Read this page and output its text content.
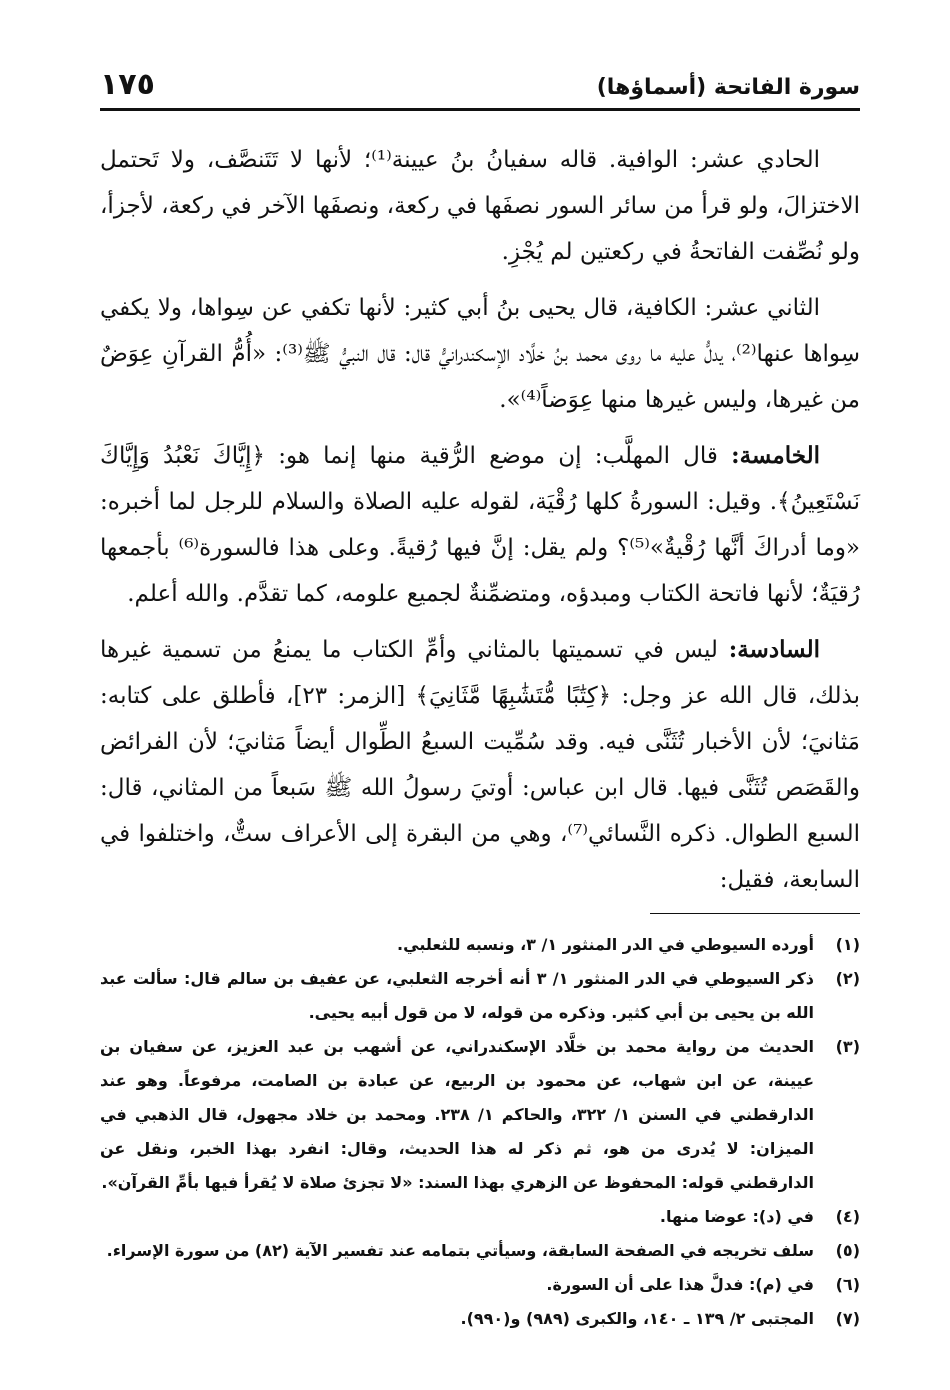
سورة الفاتحة (أسماؤها)
١٧٥

الحادي عشر: الوافية. قاله سفيانُ بنُ عيينة⁽¹⁾؛ لأنها لا تَتَنصَّف، ولا تَحتمل الاختزالَ، ولو قرأ من سائر السور نصفَها في ركعة، ونصفَها الآخر في ركعة، لأجزأ، ولو نُصِّفت الفاتحةُ في ركعتين لم يُجْزِ.

الثاني عشر: الكافية، قال يحيى بنُ أبي كثير: لأنها تكفي عن سِواها، ولا يكفي سِواها عنها⁽²⁾، يدلُّ عليه ما روى محمد بنُ خلَّاد الإسكندرانيُّ قال: قال النبيُّ ﷺ⁽³⁾: «أُمُّ القرآنِ عِوَضٌ من غيرها، وليس غيرها منها عِوَضاً⁽⁴⁾».

الخامسة: قال المهلَّب: إن موضع الرُّقية منها إنما هو: ﴿إِيَّاكَ نَعْبُدُ وَإِيَّاكَ نَسْتَعِينُ﴾. وقيل: السورةُ كلها رُقْيَة، لقوله عليه الصلاة والسلام للرجل لما أخبره: «وما أدراكَ أنَّها رُقْيةٌ»⁽⁵⁾؟ ولم يقل: إنَّ فيها رُقيةً. وعلى هذا فالسورة⁽⁶⁾ بأجمعها رُقيَةٌ؛ لأنها فاتحة الكتاب ومبدؤه، ومتضمِّنةٌ لجميع علومه، كما تقدَّم. والله أعلم.

السادسة: ليس في تسميتها بالمثاني وأمِّ الكتاب ما يمنعُ من تسمية غيرها بذلك، قال الله عز وجل: ﴿كِتَٰبًا مُّتَشَٰبِهًا مَّثَانِيَ﴾ [الزمر: ٢٣]، فأطلق على كتابه: مَثانيَ؛ لأن الأخبار تُثَنَّى فيه. وقد سُمِّيت السبعُ الطِّوال أيضاً مَثانيَ؛ لأن الفرائض والقَصَص تُثَنَّى فيها. قال ابن عباس: أوتيَ رسولُ الله ﷺ سَبعاً من المثاني، قال: السبع الطوال. ذكره النَّسائي⁽⁷⁾، وهي من البقرة إلى الأعراف ستٌّ، واختلفوا في السابعة، فقيل:

(١)
أورده السيوطي في الدر المنثور ١/ ٣، ونسبه للثعلبي.
(٢)
ذكر السيوطي في الدر المنثور ١/ ٣ أنه أخرجه الثعلبي، عن عفيف بن سالم قال: سألت عبد الله بن يحيى بن أبي كثير. وذكره من قوله، لا من قول أبيه يحيى.
(٣)
الحديث من رواية محمد بن خلَّاد الإسكندراني، عن أشهب بن عبد العزيز، عن سفيان بن عيينة، عن ابن شهاب، عن محمود بن الربيع، عن عبادة بن الصامت، مرفوعاً. وهو عند الدارقطني في السنن ١/ ٣٢٢، والحاكم ١/ ٢٣٨. ومحمد بن خلاد مجهول، قال الذهبي في الميزان: لا يُدرى من هو، ثم ذكر له هذا الحديث، وقال: انفرد بهذا الخبر، ونقل عن الدارقطني قوله: المحفوظ عن الزهري بهذا السند: «لا تجزئ صلاة لا يُقرأ فيها بأمِّ القرآن».
(٤)
في (د): عوضا منها.
(٥)
سلف تخريجه في الصفحة السابقة، وسيأتي بتمامه عند تفسير الآية (٨٢) من سورة الإسراء.
(٦)
في (م): فدلَّ هذا على أن السورة.
(٧)
المجتبى ٢/ ١٣٩ ـ ١٤٠، والكبرى (٩٨٩) و(٩٩٠).
